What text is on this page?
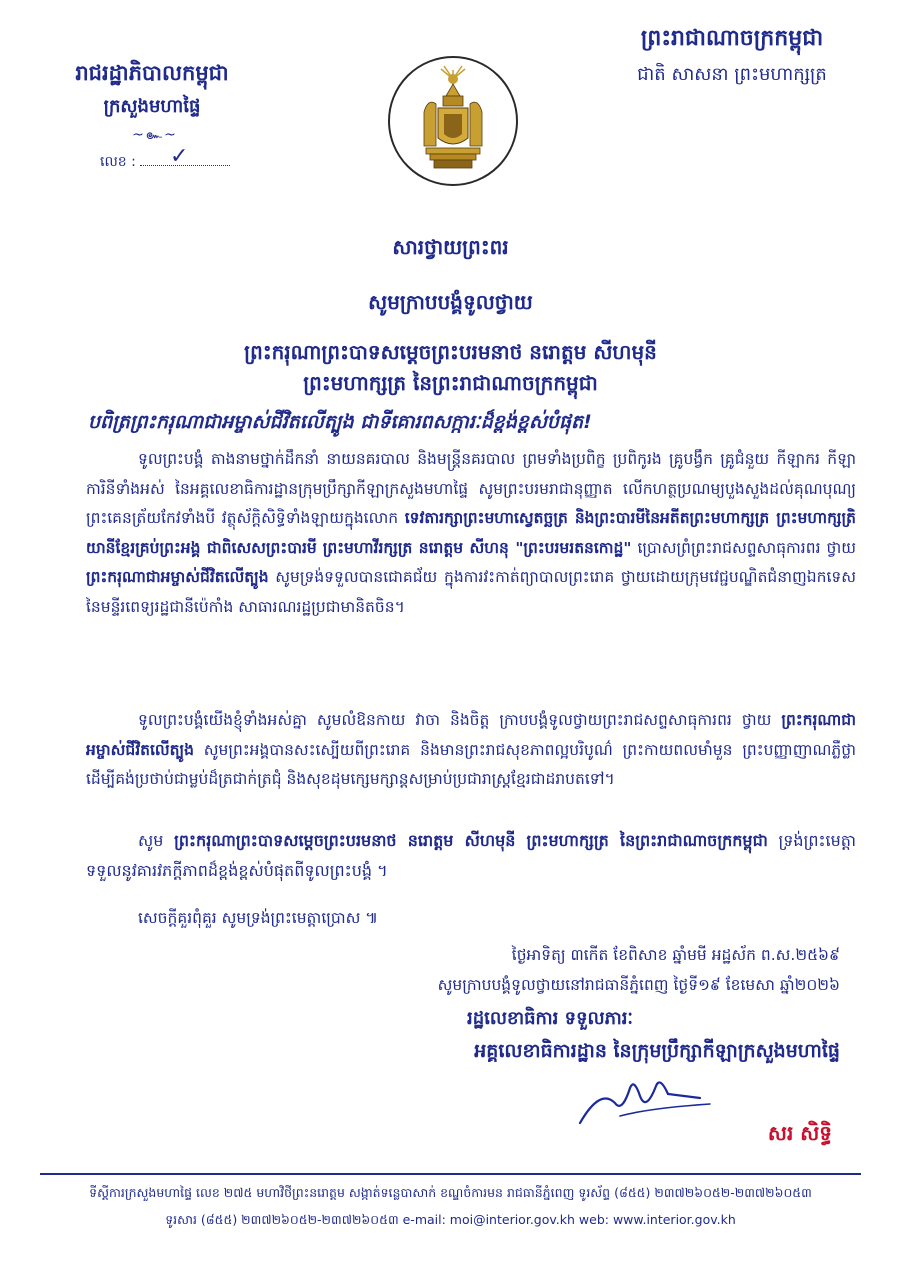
រាជរដ្ឋាភិបាលកម្ពុជា
ក្រសួងមហាផ្ទៃ
~๛~
លេខ : ✓
ព្រះរាជាណាចក្រកម្ពុជា
ជាតិ សាសនា ព្រះមហាក្សត្រ
សារថ្វាយព្រះពរ
សូមក្រាបបង្គំទូលថ្វាយ
ព្រះករុណាព្រះបាទសម្តេចព្រះបរមនាថ នរោត្តម សីហមុនី
ព្រះមហាក្សត្រ នៃព្រះរាជាណាចក្រកម្ពុជា
បពិត្រព្រះករុណាជាអម្ចាស់ជីវិតលើត្បូង ជាទីគោរពសក្ការៈដ៏ខ្ពង់ខ្ពស់បំផុត!
ទូលព្រះបង្គំ តាងនាមថ្នាក់ដឹកនាំ នាយនគរបាល និងមន្ត្រីនគរបាល ព្រមទាំងប្រពិក្ខ ប្រពិកូរង គ្រូបង្វឹក គ្រូជំនួយ កីឡាករ កីឡាការិនីទាំងអស់ នៃអគ្គលេខាធិការដ្ឋានក្រុមប្រឹក្សាកីឡាក្រសួងមហាផ្ទៃ សូមព្រះបរមរាជានុញ្ញាត លើកហត្ថប្រណម្យបួងសួងដល់គុណបុណ្យព្រះគេនត្រ័យកែវទាំងបី វត្ថុស័ក្តិសិទ្ធិទាំងឡាយក្នុងលោក ទេវតារក្សាព្រះមហាស្វេតច្ឆត្រ និងព្រះបារមីនៃអតីតព្រះមហាក្សត្រ ព្រះមហាក្សត្រិយានីខ្មែរគ្រប់ព្រះអង្គ ជាពិសេសព្រះបារមី ព្រះមហាវីរក្សត្រ នរោត្តម សីហនុ "ព្រះបរមរតនកោដ្ឋ" ប្រោសព្រំព្រះរាជសព្ទសាធុការពរ ថ្វាយ ព្រះករុណាជាអម្ចាស់ជីវិតលើត្បូង សូមទ្រង់ទទួលបានជោគជ័យ ក្នុងការវះកាត់ព្យាបាលព្រះរោគ ថ្វាយដោយក្រុមវេជ្ជបណ្ឌិតជំនាញឯកទេស នៃមន្ទីរពេទ្យរដ្ឋជានីប៉េកាំង សាធារណរដ្ឋប្រជាមានិតចិន។
ទូលព្រះបង្គំយើងខ្ញុំទាំងអស់គ្នា សូមលំឱនកាយ វាចា និងចិត្ត ក្រាបបង្គំទូលថ្វាយព្រះរាជសព្ទសាធុការពរ ថ្វាយ ព្រះករុណាជាអម្ចាស់ជីវិតលើត្បូង សូមព្រះអង្គបានសះស្បើយពីព្រះរោគ និងមានព្រះរាជសុខភាពល្អបរិបូណ៌ ព្រះកាយពលមាំមួន ព្រះបញ្ញាញាណភ្លឺថ្លា ដើម្បីគង់ប្រថាប់ជាម្លប់ដ៏ត្រជាក់ត្រជុំ និងសុខដុមក្សេមក្សាន្តសម្រាប់ប្រជារាស្ត្រខ្មែរជាដរាបតទៅ។
សូម ព្រះករុណាព្រះបាទសម្តេចព្រះបរមនាថ នរោត្តម សីហមុនី ព្រះមហាក្សត្រ នៃព្រះរាជាណាចក្រកម្ពុជា ទ្រង់ព្រះមេត្តាទទួលនូវគារវភក្តីភាពដ៏ខ្ពង់ខ្ពស់បំផុតពីទូលព្រះបង្គំ ។
សេចក្តីគួរពុំគួរ សូមទ្រង់ព្រះមេត្តាប្រោស ៕
ថ្ងៃអាទិត្យ ៣កើត ខែពិសាខ ឆ្នាំមមី អដ្ឋស័ក ព.ស.២៥៦៩
សូមក្រាបបង្គំទូលថ្វាយនៅរាជធានីភ្នំពេញ ថ្ងៃទី១៩ ខែមេសា ឆ្នាំ២០២៦
រដ្ឋលេខាធិការ ទទួលភារៈ
អគ្គលេខាធិការដ្ឋាន នៃក្រុមប្រឹក្សាកីឡាក្រសួងមហាផ្ទៃ
សរ សិទ្ធិ
ទីស្តីការក្រសួងមហាផ្ទៃ លេខ ២៧៥ មហាវិថីព្រះនរោត្តម សង្កាត់ទន្លេបាសាក់ ខណ្ឌចំការមន រាជធានីភ្នំពេញ ទូរស័ព្ទ (៨៥៥) ២៣៧២៦០៥២-២៣៧២៦០៥៣
ទូរសារ (៨៥៥) ២៣៧២៦០៥២-២៣៧២៦០៥៣ e-mail: moi@interior.gov.kh web: www.interior.gov.kh
